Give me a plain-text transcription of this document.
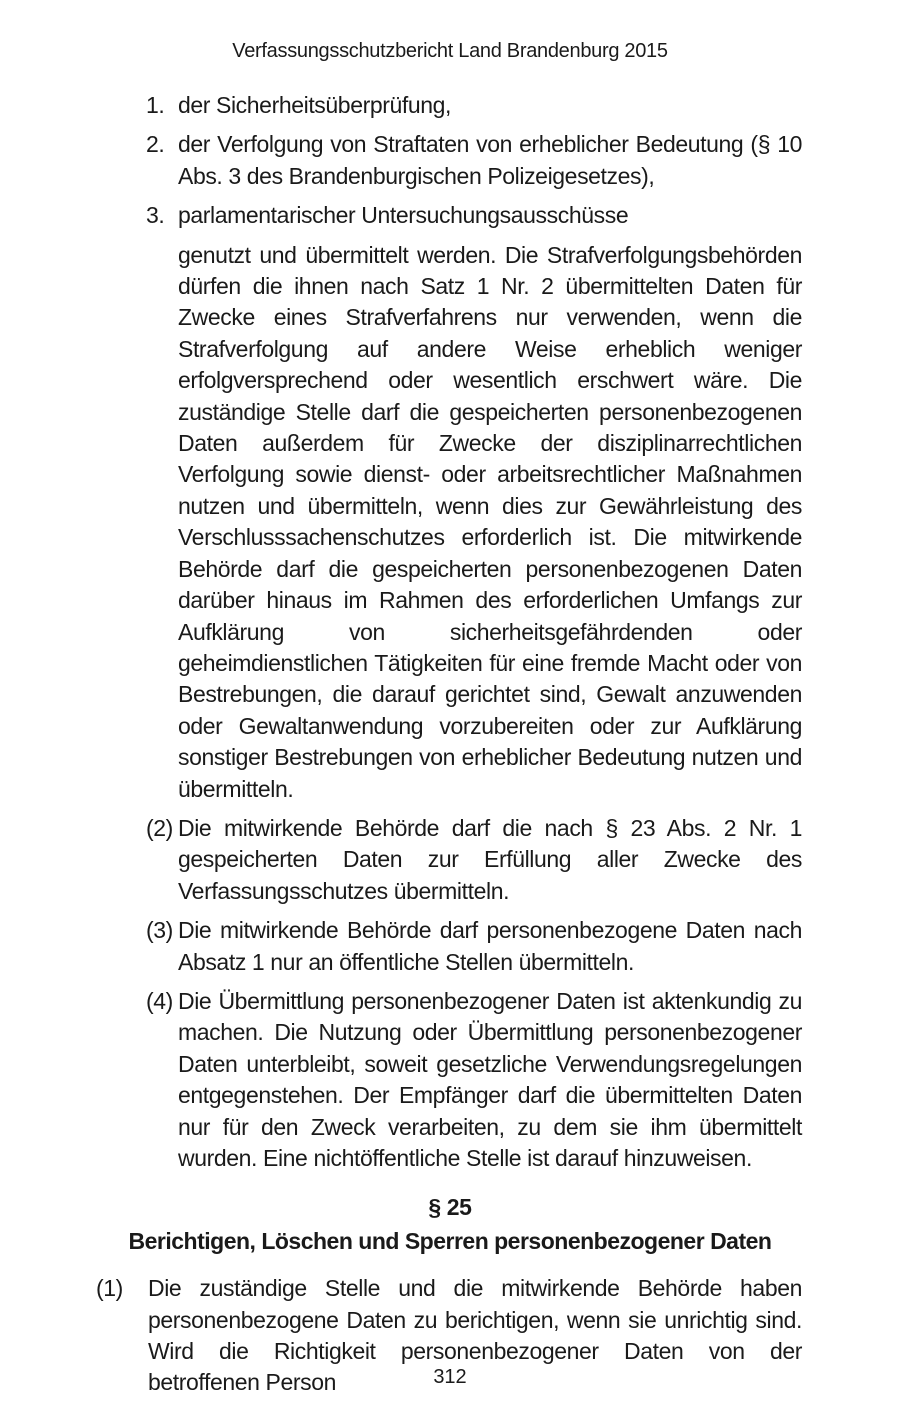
Verfassungsschutzbericht Land Brandenburg 2015
1. der Sicherheitsüberprüfung,
2. der Verfolgung von Straftaten von erheblicher Bedeutung (§ 10 Abs. 3 des Brandenburgischen Polizeigesetzes),
3. parlamentarischer Untersuchungsausschüsse
genutzt und übermittelt werden. Die Strafverfolgungsbehörden dürfen die ihnen nach Satz 1 Nr. 2 übermittelten Daten für Zwecke eines Strafverfahrens nur verwenden, wenn die Strafverfolgung auf andere Weise erheblich weniger erfolgversprechend oder wesentlich erschwert wäre. Die zuständige Stelle darf die gespeicherten personenbezogenen Daten außerdem für Zwecke der disziplinarrechtlichen Verfolgung sowie dienst- oder arbeitsrechtlicher Maßnahmen nutzen und übermitteln, wenn dies zur Gewährleistung des Verschlusssachenschutzes erforderlich ist. Die mitwirkende Behörde darf die gespeicherten personenbezogenen Daten darüber hinaus im Rahmen des erforderlichen Umfangs zur Aufklärung von sicherheitsgefährdenden oder geheimdienstlichen Tätigkeiten für eine fremde Macht oder von Bestrebungen, die darauf gerichtet sind, Gewalt anzuwenden oder Gewaltanwendung vorzubereiten oder zur Aufklärung sonstiger Bestrebungen von erheblicher Bedeutung nutzen und übermitteln.
(2) Die mitwirkende Behörde darf die nach § 23 Abs. 2 Nr. 1 gespeicherten Daten zur Erfüllung aller Zwecke des Verfassungsschutzes übermitteln.
(3) Die mitwirkende Behörde darf personenbezogene Daten nach Absatz 1 nur an öffentliche Stellen übermitteln.
(4) Die Übermittlung personenbezogener Daten ist aktenkundig zu machen. Die Nutzung oder Übermittlung personenbezogener Daten unterbleibt, soweit gesetzliche Verwendungsregelungen entgegenstehen. Der Empfänger darf die übermittelten Daten nur für den Zweck verarbeiten, zu dem sie ihm übermittelt wurden. Eine nichtöffentliche Stelle ist darauf hinzuweisen.
§ 25
Berichtigen, Löschen und Sperren personenbezogener Daten
(1) Die zuständige Stelle und die mitwirkende Behörde haben personenbezogene Daten zu berichtigen, wenn sie unrichtig sind. Wird die Richtigkeit personenbezogener Daten von der betroffenen Person	312
